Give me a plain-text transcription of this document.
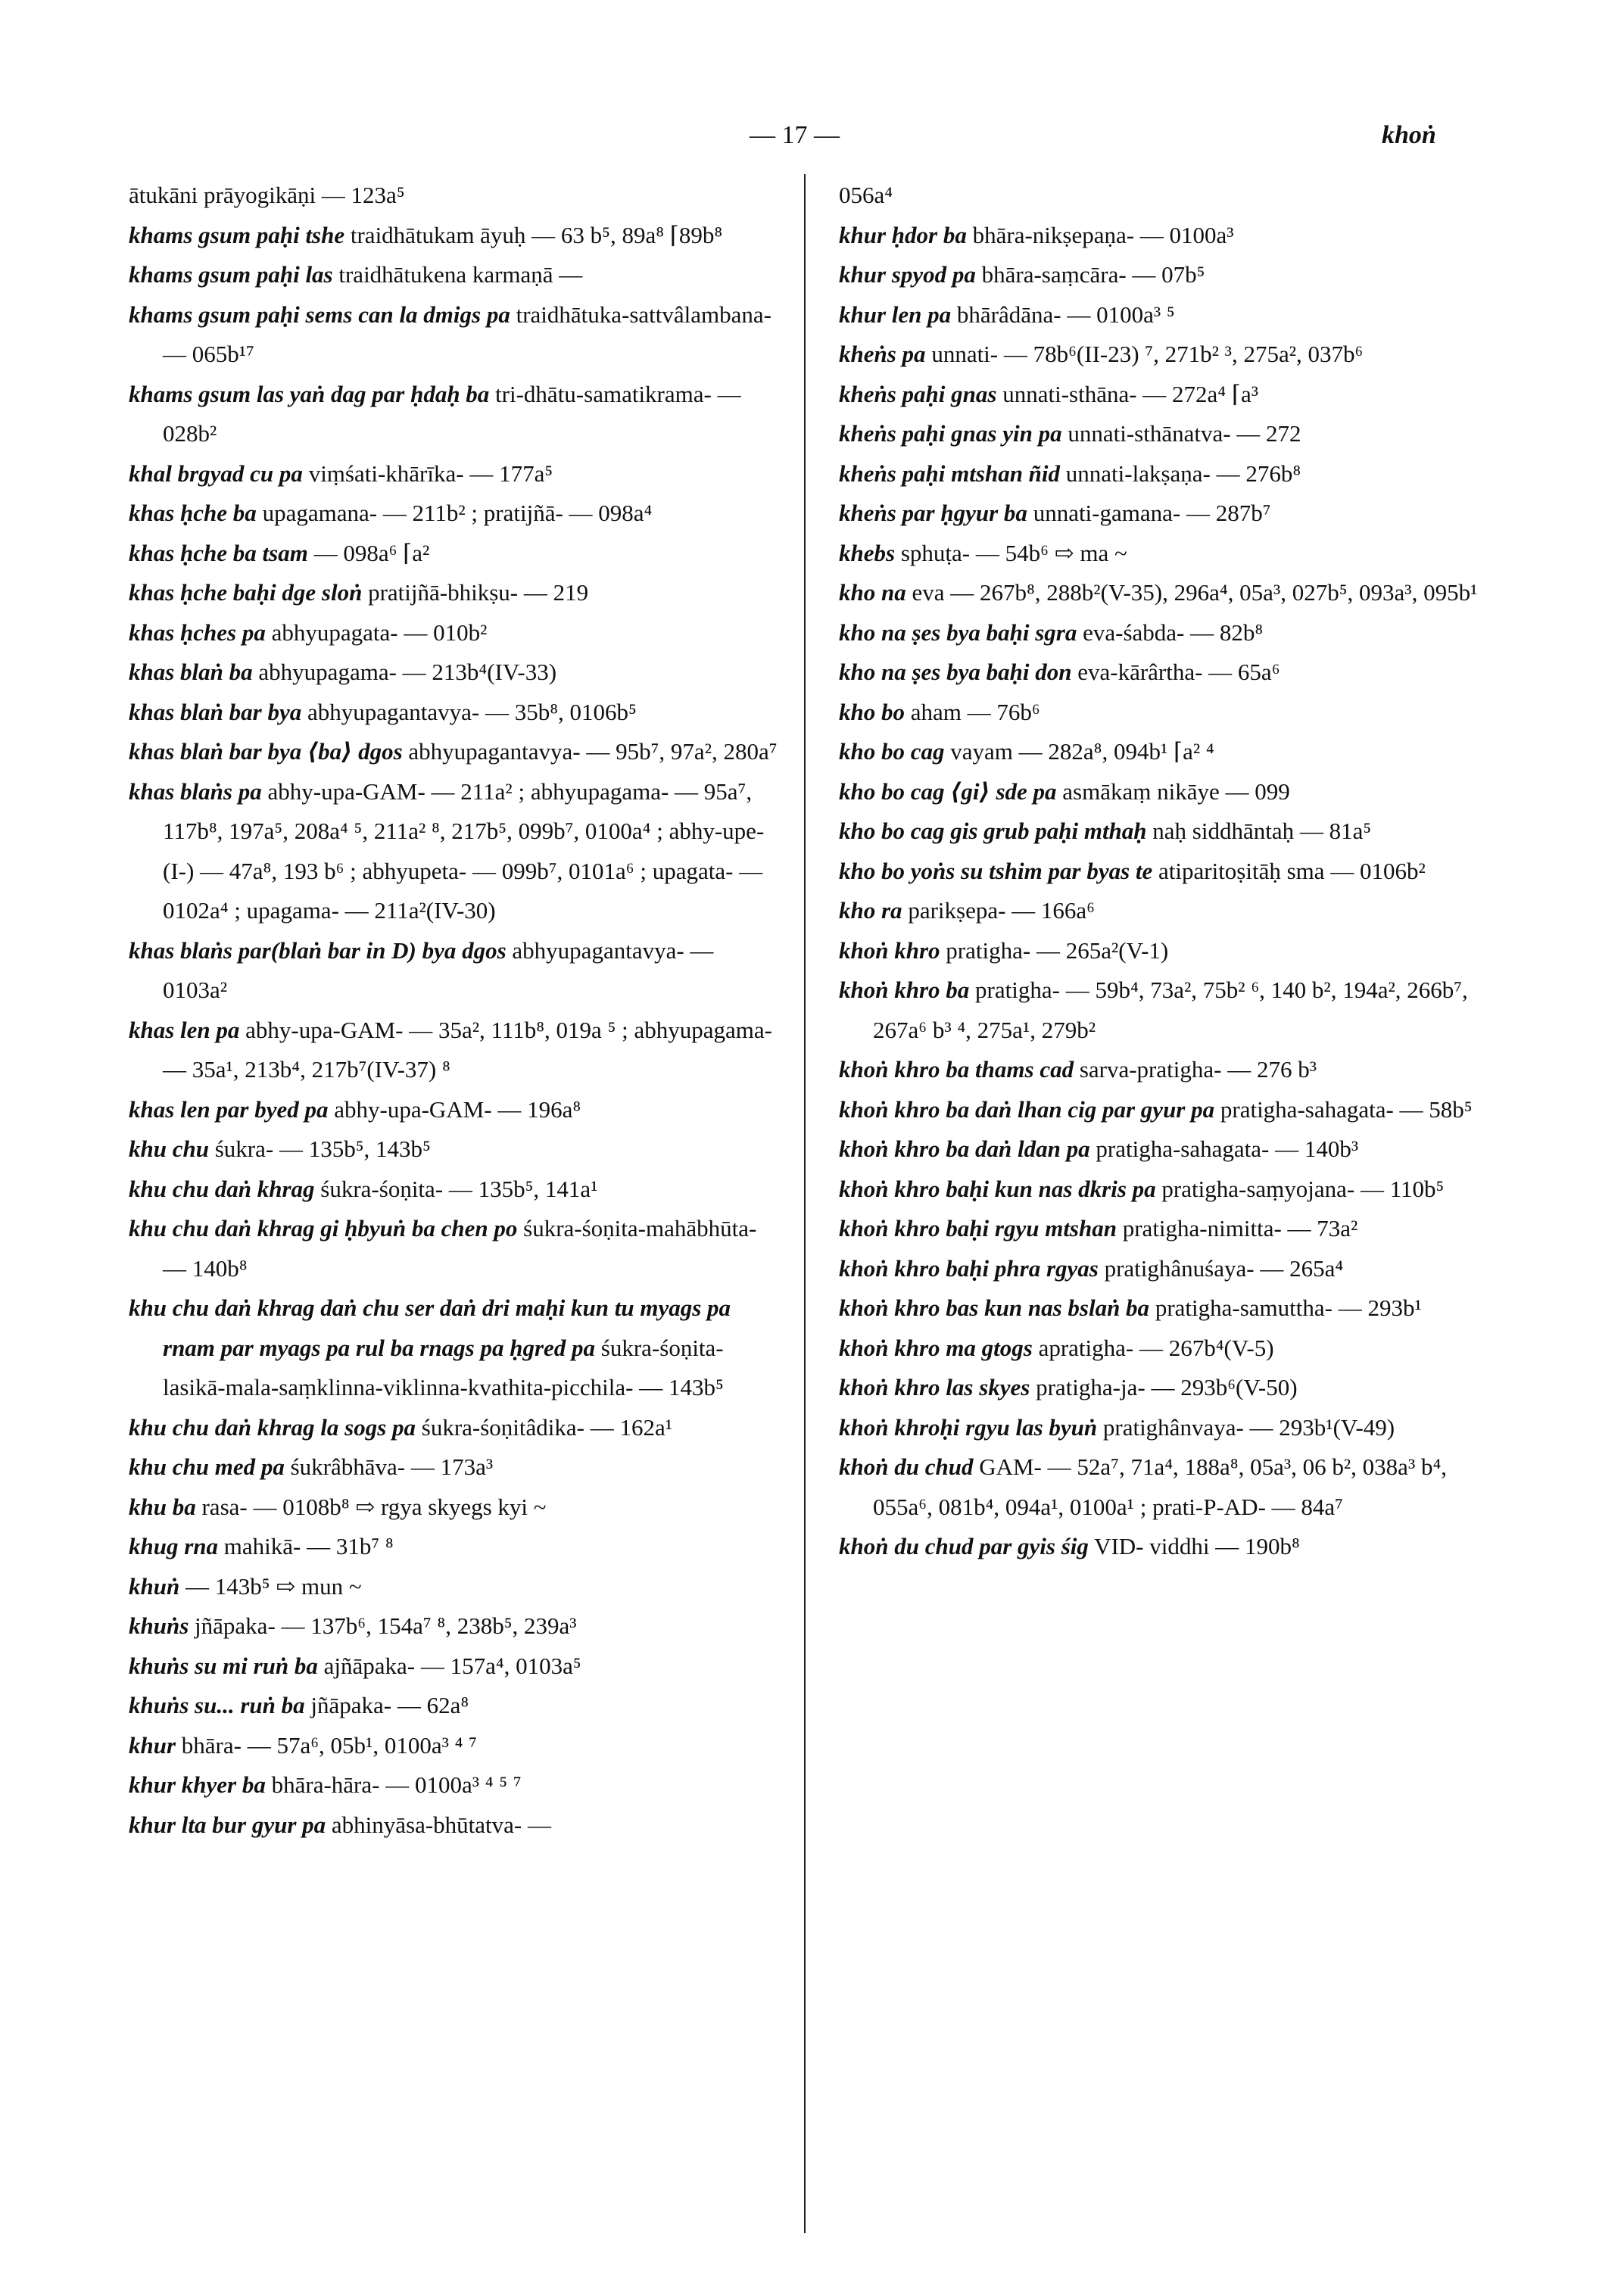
— 17 —	khoṅ

ātukāni prāyogikāṇi — 123a⁵

khams gsum paḥi tshe traidhātukam āyuḥ — 63 b⁵, 89a⁸ ⌈89b⁸

khams gsum paḥi las traidhātukena karmaṇā —

khams gsum paḥi sems can la dmigs pa traidhātuka-sattvâlambana- — 065b¹⁷

khams gsum las yaṅ dag par ḥdaḥ ba tri-dhātu-samatikrama- — 028b²

khal brgyad cu pa viṃśati-khārīka- — 177a⁵

khas ḥche ba upagamana- — 211b² ; pratijñā- — 098a⁴

khas ḥche ba tsam — 098a⁶ ⌈a²

khas ḥche baḥi dge sloṅ pratijñā-bhikṣu- — 219

khas ḥches pa abhyupagata- — 010b²

khas blaṅ ba abhyupagama- — 213b⁴(IV-33)

khas blaṅ bar bya abhyupagantavya- — 35b⁸, 0106b⁵

khas blaṅ bar bya ⟨ba⟩ dgos abhyupagantavya- — 95b⁷, 97a², 280a⁷

khas blaṅs pa abhy-upa-GAM- — 211a² ; abhyupagama- — 95a⁷, 117b⁸, 197a⁵, 208a⁴ ⁵, 211a² ⁸, 217b⁵, 099b⁷, 0100a⁴ ; abhy-upe-(I-) — 47a⁸, 193 b⁶ ; abhyupeta- — 099b⁷, 0101a⁶ ; upagata- — 0102a⁴ ; upagama- — 211a²(IV-30)

khas blaṅs par(blaṅ bar in D) bya dgos abhyupagantavya- — 0103a²

khas len pa abhy-upa-GAM- — 35a², 111b⁸, 019a ⁵ ; abhyupagama- — 35a¹, 213b⁴, 217b⁷(IV-37) ⁸

khas len par byed pa abhy-upa-GAM- — 196a⁸

khu chu śukra- — 135b⁵, 143b⁵

khu chu daṅ khrag śukra-śoṇita- — 135b⁵, 141a¹

khu chu daṅ khrag gi ḥbyuṅ ba chen po śukra-śoṇita-mahābhūta- — 140b⁸

khu chu daṅ khrag daṅ chu ser daṅ dri maḥi kun tu myags pa rnam par myags pa rul ba rnags pa ḥgred pa śukra-śoṇita-lasikā-mala-saṃklinna-viklinna-kvathita-picchila- — 143b⁵

khu chu daṅ khrag la sogs pa śukra-śoṇitâdika- — 162a¹

khu chu med pa śukrâbhāva- — 173a³

khu ba rasa- — 0108b⁸ ⇨ rgya skyegs kyi ~

khug rna mahikā- — 31b⁷ ⁸

khuṅ — 143b⁵ ⇨ mun ~

khuṅs jñāpaka- — 137b⁶, 154a⁷ ⁸, 238b⁵, 239a³

khuṅs su mi ruṅ ba ajñāpaka- — 157a⁴, 0103a⁵

khuṅs su... ruṅ ba jñāpaka- — 62a⁸

khur bhāra- — 57a⁶, 05b¹, 0100a³ ⁴ ⁷

khur khyer ba bhāra-hāra- — 0100a³ ⁴ ⁵ ⁷

khur lta bur gyur pa abhinyāsa-bhūtatva- —

056a⁴

khur ḥdor ba bhāra-nikṣepaṇa- — 0100a³

khur spyod pa bhāra-saṃcāra- — 07b⁵

khur len pa bhārâdāna- — 0100a³ ⁵

kheṅs pa unnati- — 78b⁶(II-23) ⁷, 271b² ³, 275a², 037b⁶

kheṅs paḥi gnas unnati-sthāna- — 272a⁴ ⌈a³

kheṅs paḥi gnas yin pa unnati-sthānatva- — 272

kheṅs paḥi mtshan ñid unnati-lakṣaṇa- — 276b⁸

kheṅs par ḥgyur ba unnati-gamana- — 287b⁷

khebs sphuṭa- — 54b⁶ ⇨ ma ~

kho na eva — 267b⁸, 288b²(V-35), 296a⁴, 05a³, 027b⁵, 093a³, 095b¹

kho na ṣes bya baḥi sgra eva-śabda- — 82b⁸

kho na ṣes bya baḥi don eva-kārârtha- — 65a⁶

kho bo aham — 76b⁶

kho bo cag vayam — 282a⁸, 094b¹ ⌈a² ⁴

kho bo cag ⟨gi⟩ sde pa asmākaṃ nikāye — 099

kho bo cag gis grub paḥi mthaḥ naḥ siddhāntaḥ — 81a⁵

kho bo yoṅs su tshim par byas te atiparitoṣitāḥ sma — 0106b²

kho ra parikṣepa- — 166a⁶

khoṅ khro pratigha- — 265a²(V-1)

khoṅ khro ba pratigha- — 59b⁴, 73a², 75b² ⁶, 140 b², 194a², 266b⁷, 267a⁶ b³ ⁴, 275a¹, 279b²

khoṅ khro ba thams cad sarva-pratigha- — 276 b³

khoṅ khro ba daṅ lhan cig par gyur pa pratigha-sahagata- — 58b⁵

khoṅ khro ba daṅ ldan pa pratigha-sahagata- — 140b³

khoṅ khro baḥi kun nas dkris pa pratigha-saṃyojana- — 110b⁵

khoṅ khro baḥi rgyu mtshan pratigha-nimitta- — 73a²

khoṅ khro baḥi phra rgyas pratighânuśaya- — 265a⁴

khoṅ khro bas kun nas bslaṅ ba pratigha-samuttha- — 293b¹

khoṅ khro ma gtogs apratigha- — 267b⁴(V-5)

khoṅ khro las skyes pratigha-ja- — 293b⁶(V-50)

khoṅ khroḥi rgyu las byuṅ pratighânvaya- — 293b¹(V-49)

khoṅ du chud GAM- — 52a⁷, 71a⁴, 188a⁸, 05a³, 06 b², 038a³ b⁴, 055a⁶, 081b⁴, 094a¹, 0100a¹ ; prati-P-AD- — 84a⁷

khoṅ du chud par gyis śig VID- viddhi — 190b⁸
